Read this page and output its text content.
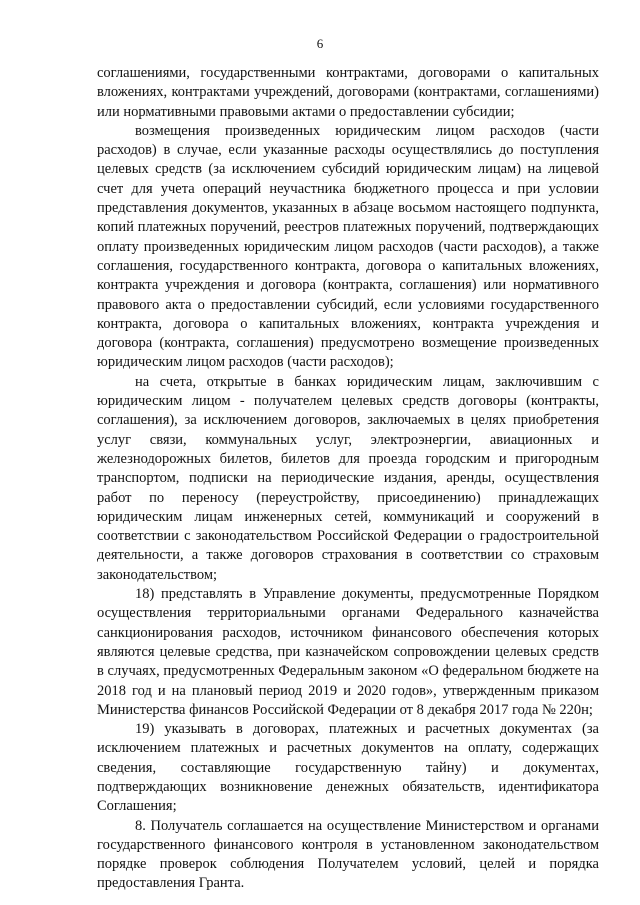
6

соглашениями, государственными контрактами, договорами о капитальных вложениях, контрактами учреждений, договорами (контрактами, соглашениями) или нормативными правовыми актами о предоставлении субсидии;

возмещения произведенных юридическим лицом расходов (части расходов) в случае, если указанные расходы осуществлялись до поступления целевых средств (за исключением субсидий юридическим лицам) на лицевой счет для учета операций неучастника бюджетного процесса и при условии представления документов, указанных в абзаце восьмом настоящего подпункта, копий платежных поручений, реестров платежных поручений, подтверждающих оплату произведенных юридическим лицом расходов (части расходов), а также соглашения, государственного контракта, договора о капитальных вложениях, контракта учреждения и договора (контракта, соглашения) или нормативного правового акта о предоставлении субсидий, если условиями государственного контракта, договора о капитальных вложениях, контракта учреждения и договора (контракта, соглашения) предусмотрено возмещение произведенных юридическим лицом расходов (части расходов);

на счета, открытые в банках юридическим лицам, заключившим с юридическим лицом - получателем целевых средств договоры (контракты, соглашения), за исключением договоров, заключаемых в целях приобретения услуг связи, коммунальных услуг, электроэнергии, авиационных и железнодорожных билетов, билетов для проезда городским и пригородным транспортом, подписки на периодические издания, аренды, осуществления работ по переносу (переустройству, присоединению) принадлежащих юридическим лицам инженерных сетей, коммуникаций и сооружений в соответствии с законодательством Российской Федерации о градостроительной деятельности, а также договоров страхования в соответствии со страховым законодательством;

18) представлять в Управление документы, предусмотренные Порядком осуществления территориальными органами Федерального казначейства санкционирования расходов, источником финансового обеспечения которых являются целевые средства, при казначейском сопровождении целевых средств в случаях, предусмотренных Федеральным законом «О федеральном бюджете на 2018 год и на плановый период 2019 и 2020 годов», утвержденным приказом Министерства финансов Российской Федерации от 8 декабря 2017 года № 220н;

19) указывать в договорах, платежных и расчетных документах (за исключением платежных и расчетных документов на оплату, содержащих сведения, составляющие государственную тайну) и документах, подтверждающих возникновение денежных обязательств, идентификатора Соглашения;

8. Получатель соглашается на осуществление Министерством и органами государственного финансового контроля в установленном законодательством порядке проверок соблюдения Получателем условий, целей и порядка предоставления Гранта.
